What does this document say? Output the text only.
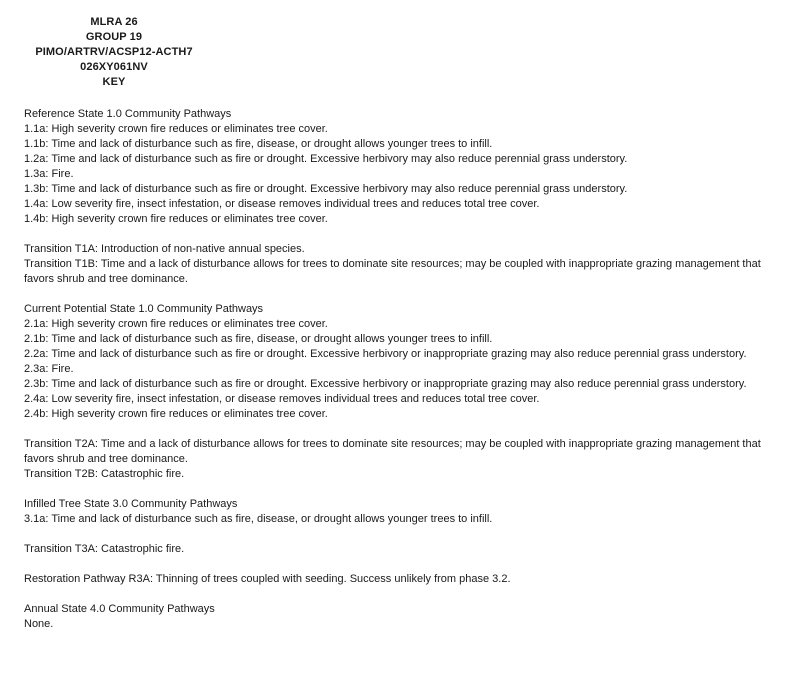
MLRA 26
GROUP 19
PIMO/ARTRV/ACSP12-ACTH7
026XY061NV
KEY

Reference State 1.0 Community Pathways

1.1a: High severity crown fire reduces or eliminates tree cover.

1.1b: Time and lack of disturbance such as fire, disease, or drought allows younger trees to infill.

1.2a: Time and lack of disturbance such as fire or drought. Excessive herbivory may also reduce perennial grass understory.

1.3a: Fire.

1.3b: Time and lack of disturbance such as fire or drought. Excessive herbivory may also reduce perennial grass understory.

1.4a: Low severity fire, insect infestation, or disease removes individual trees and reduces total tree cover.

1.4b: High severity crown fire reduces or eliminates tree cover.

Transition T1A: Introduction of non-native annual species.

Transition T1B: Time and a lack of disturbance allows for trees to dominate site resources; may be coupled with inappropriate grazing management that favors shrub and tree dominance.

Current Potential State 1.0 Community Pathways

2.1a: High severity crown fire reduces or eliminates tree cover.

2.1b: Time and lack of disturbance such as fire, disease, or drought allows younger trees to infill.

2.2a: Time and lack of disturbance such as fire or drought. Excessive herbivory or inappropriate grazing may also reduce perennial grass understory.

2.3a: Fire.

2.3b: Time and lack of disturbance such as fire or drought. Excessive herbivory or inappropriate grazing may also reduce perennial grass understory.

2.4a: Low severity fire, insect infestation, or disease removes individual trees and reduces total tree cover.

2.4b: High severity crown fire reduces or eliminates tree cover.

Transition T2A: Time and a lack of disturbance allows for trees to dominate site resources; may be coupled with inappropriate grazing management that favors shrub and tree dominance.

Transition T2B: Catastrophic fire.

Infilled Tree State 3.0 Community Pathways

3.1a: Time and lack of disturbance such as fire, disease, or drought allows younger trees to infill.

Transition T3A: Catastrophic fire.

Restoration Pathway R3A: Thinning of trees coupled with seeding. Success unlikely from phase 3.2.

Annual State 4.0 Community Pathways

None.
